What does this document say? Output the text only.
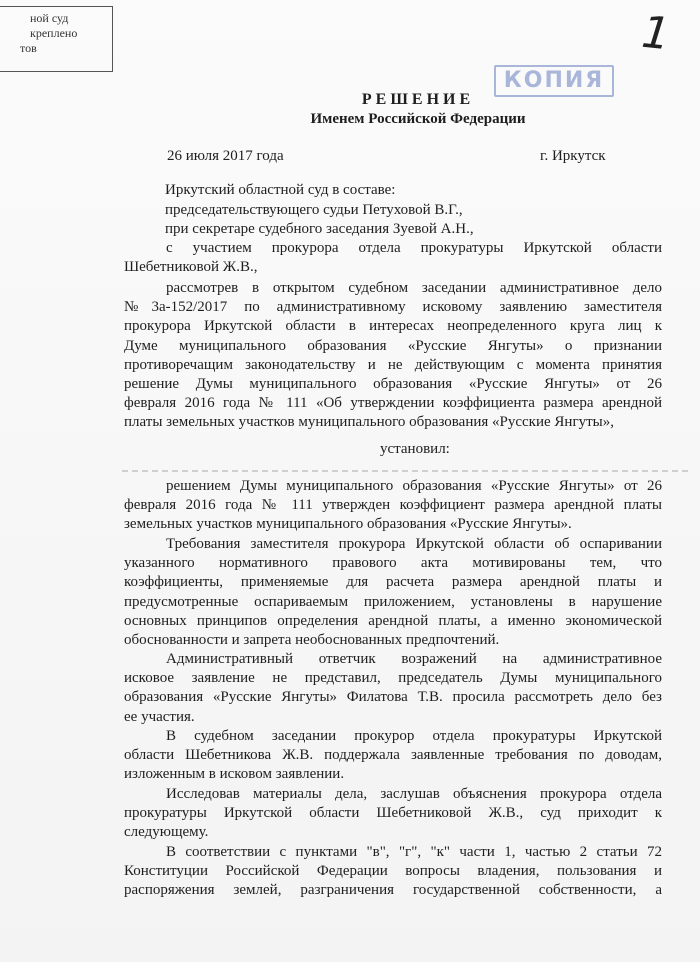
ной суд
креплено
тов	1
КОПИЯ
РЕШЕНИЕ
Именем Российской Федерации
26 июля 2017 года	г. Иркутск
Иркутский областной суд в составе:
председательствующего судьи Петуховой В.Г.,
при секретаре судебного заседания Зуевой А.Н.,
с участием прокурора отдела прокуратуры Иркутской области
Шебетниковой Ж.В.,
рассмотрев в открытом судебном заседании административное дело
№3а-152/2017 по административному исковому заявлению заместителя
прокурора Иркутской области в интересах неопределенного круга лиц к
Думе муниципального образования «Русские Янгуты» о признании
противоречащим законодательству и не действующим с момента принятия
решение Думы муниципального образования «Русские Янгуты» от 26
февраля 2016 года № 111 «Об утверждении коэффициента размера арендной
платы земельных участков муниципального образования «Русские Янгуты»,
установил:
решением Думы муниципального образования «Русские Янгуты» от 26
февраля 2016 года № 111 утвержден коэффициент размера арендной платы
земельных участков муниципального образования «Русские Янгуты».
Требования заместителя прокурора Иркутской области об оспаривании
указанного нормативного правового акта мотивированы тем, что
коэффициенты, применяемые для расчета размера арендной платы и
предусмотренные оспариваемым приложением, установлены в нарушение
основных принципов определения арендной платы, а именно экономической
обоснованности и запрета необоснованных предпочтений.
Административный ответчик возражений на административное
исковое заявление не представил, председатель Думы муниципального
образования «Русские Янгуты» Филатова Т.В. просила рассмотреть дело без
ее участия.
В судебном заседании прокурор отдела прокуратуры Иркутской
области Шебетникова Ж.В. поддержала заявленные требования по доводам,
изложенным в исковом заявлении.
Исследовав материалы дела, заслушав объяснения прокурора отдела
прокуратуры Иркутской области Шебетниковой Ж.В., суд приходит к
следующему.
В соответствии с пунктами "в", "г", "к" части 1, частью 2 статьи 72
Конституции Российской Федерации вопросы владения, пользования и
распоряжения землей, разграничения государственной собственности, а
